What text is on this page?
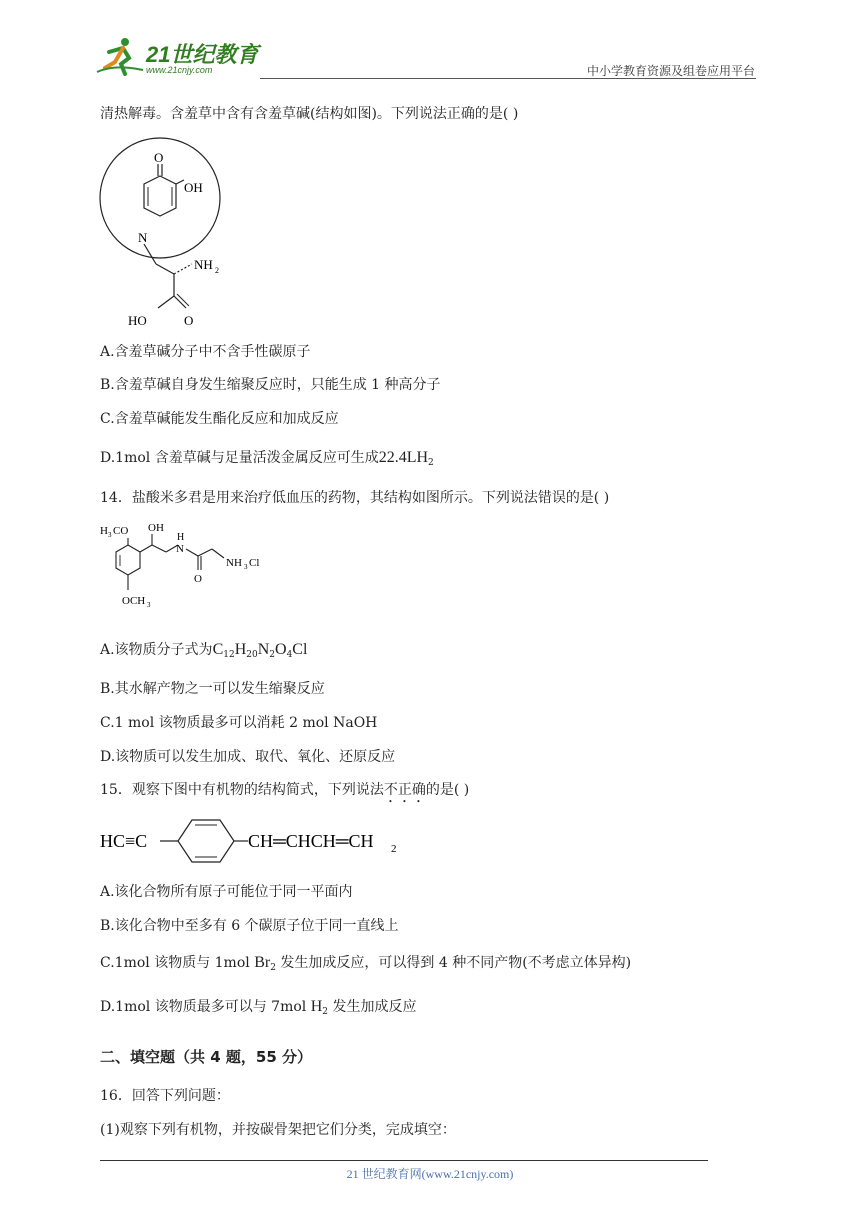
21世纪教育
www.21cnjy.com	中小学教育资源及组卷应用平台
清热解毒。含羞草中含有含羞草碱(结构如图)。下列说法正确的是( )
O
OH
N
NH 2
HO	O
A.含羞草碱分子中不含手性碳原子
B.含羞草碱自身发生缩聚反应时，只能生成 1 种高分子
C.含羞草碱能发生酯化反应和加成反应
D.1mol 含羞草碱与足量活泼金属反应可生成$22.4LH_2$
14．盐酸米多君是用来治疗低血压的药物，其结构如图所示。下列说法错误的是( )
H 3 CO OH
H
N
O
NH 3 Cl
OCH 3
A.该物质分子式为$C_{12}H_{20}N_2O_4Cl$
B.其水解产物之一可以发生缩聚反应
C.1 mol 该物质最多可以消耗 2 mol NaOH
D.该物质可以发生加成、取代、氧化、还原反应
15．观察下图中有机物的结构简式，下列说法不正确的是( )
HC≡C	CH═CHCH═CH 2
A.该化合物所有原子可能位于同一平面内
B.该化合物中至多有 6 个碳原子位于同一直线上
C.1mol 该物质与 1mol $Br_2$ 发生加成反应，可以得到 4 种不同产物(不考虑立体异构)
D.1mol 该物质最多可以与 7mol $H_2$ 发生加成反应
二、填空题（共 4 题，55 分）
16．回答下列问题：
(1)观察下列有机物，并按碳骨架把它们分类，完成填空：
21 世纪教育网(www.21cnjy.com)
